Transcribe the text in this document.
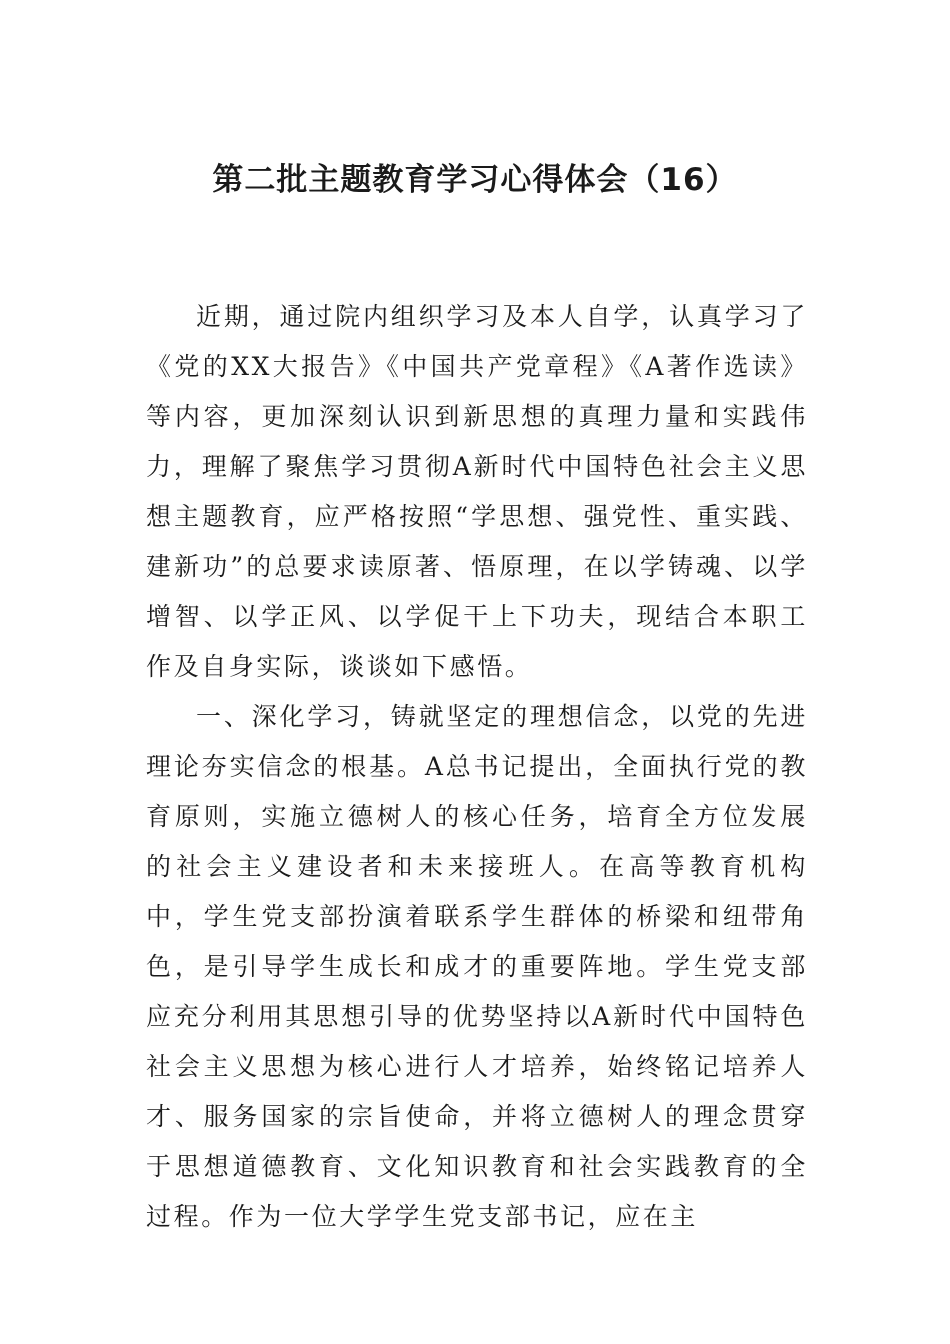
第二批主题教育学习心得体会（16）

近期，通过院内组织学习及本人自学，认真学习了《党的XX大报告》《中国共产党章程》《A著作选读》等内容，更加深刻认识到新思想的真理力量和实践伟力，理解了聚焦学习贯彻A新时代中国特色社会主义思想主题教育，应严格按照“学思想、强党性、重实践、建新功”的总要求读原著、悟原理，在以学铸魂、以学增智、以学正风、以学促干上下功夫，现结合本职工作及自身实际，谈谈如下感悟。

一、深化学习，铸就坚定的理想信念，以党的先进理论夯实信念的根基。A总书记提出，全面执行党的教育原则，实施立德树人的核心任务，培育全方位发展的社会主义建设者和未来接班人。在高等教育机构中，学生党支部扮演着联系学生群体的桥梁和纽带角色，是引导学生成长和成才的重要阵地。学生党支部应充分利用其思想引导的优势坚持以A新时代中国特色社会主义思想为核心进行人才培养，始终铭记培养人才、服务国家的宗旨使命，并将立德树人的理念贯穿于思想道德教育、文化知识教育和社会实践教育的全过程。作为一位大学学生党支部书记，应在主
